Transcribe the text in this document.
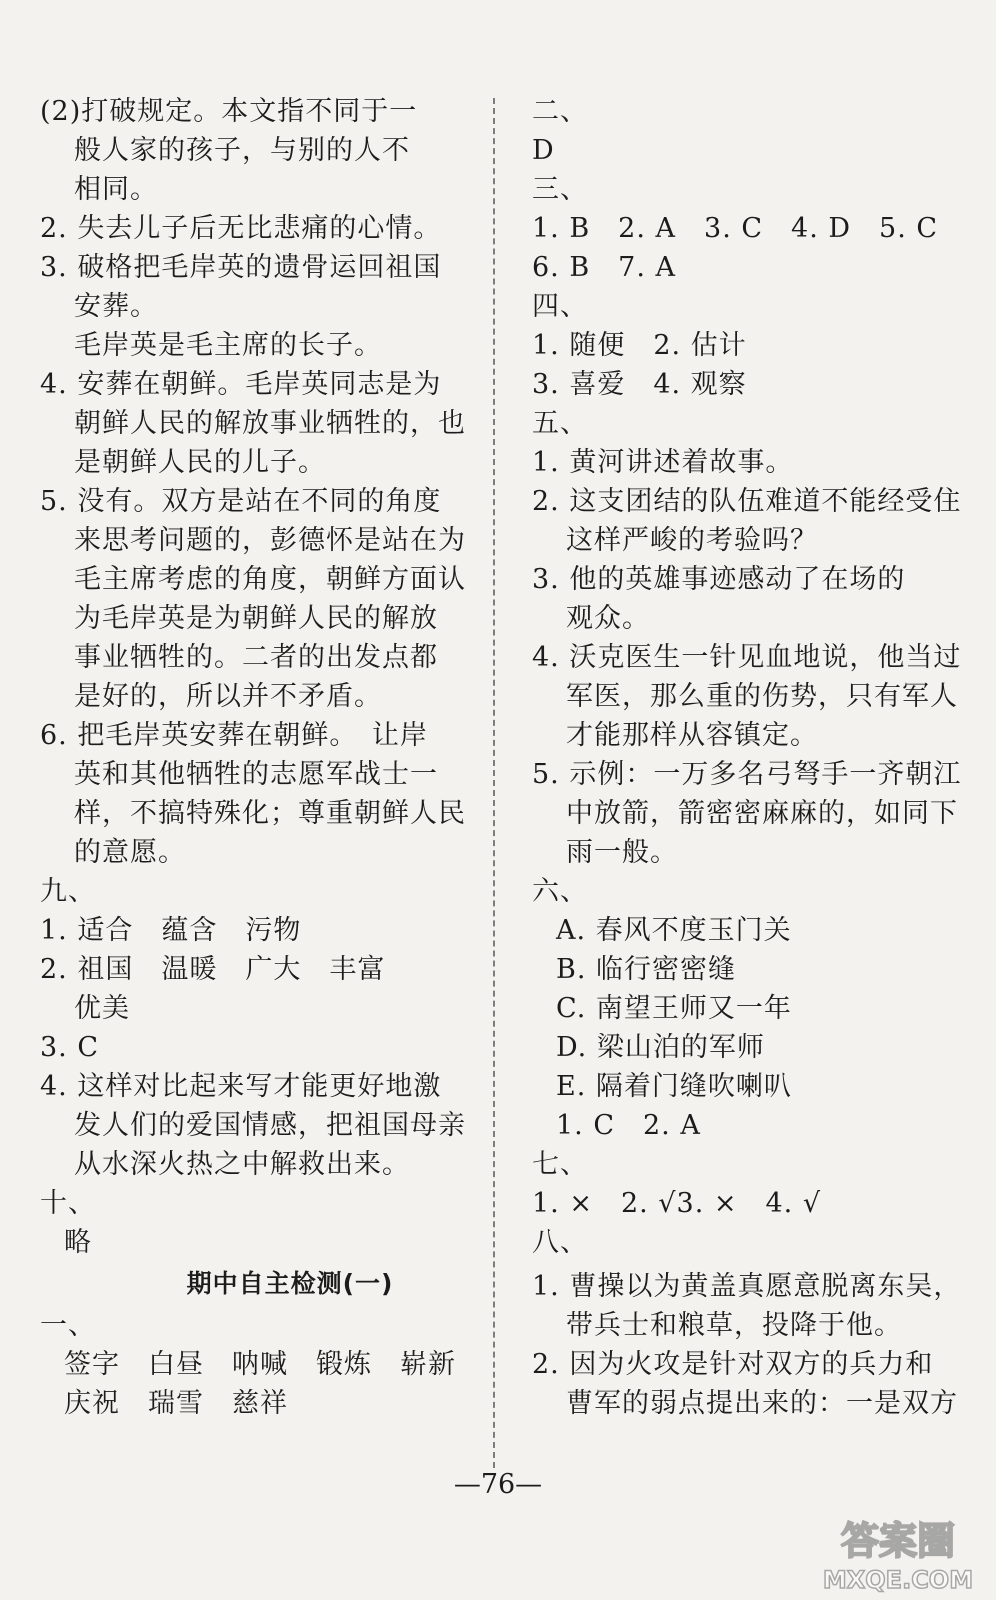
(2)打破规定。本文指不同于一
般人家的孩子，与别的人不
相同。
2. 失去儿子后无比悲痛的心情。
3. 破格把毛岸英的遗骨运回祖国
安葬。
毛岸英是毛主席的长子。
4. 安葬在朝鲜。毛岸英同志是为
朝鲜人民的解放事业牺牲的，也
是朝鲜人民的儿子。
5. 没有。双方是站在不同的角度
来思考问题的，彭德怀是站在为
毛主席考虑的角度，朝鲜方面认
为毛岸英是为朝鲜人民的解放
事业牺牲的。二者的出发点都
是好的，所以并不矛盾。
6. 把毛岸英安葬在朝鲜。　让岸
英和其他牺牲的志愿军战士一
样，不搞特殊化；尊重朝鲜人民
的意愿。
九、
1. 适合　蕴含　污物
2. 祖国　温暖　广大　丰富
优美
3. C
4. 这样对比起来写才能更好地激
发人们的爱国情感，把祖国母亲
从水深火热之中解救出来。
十、
略
期中自主检测(一)
一、
签字　白昼　呐喊　锻炼　崭新
庆祝　瑞雪　慈祥
二、
D
三、
1. B　2. A　3. C　4. D　5. C
6. B　7. A
四、
1. 随便　2. 估计
3. 喜爱　4. 观察
五、
1. 黄河讲述着故事。
2. 这支团结的队伍难道不能经受住
这样严峻的考验吗？
3. 他的英雄事迹感动了在场的
观众。
4. 沃克医生一针见血地说，他当过
军医，那么重的伤势，只有军人
才能那样从容镇定。
5. 示例：一万多名弓弩手一齐朝江
中放箭，箭密密麻麻的，如同下
雨一般。
六、
A. 春风不度玉门关
B. 临行密密缝
C. 南望王师又一年
D. 梁山泊的军师
E. 隔着门缝吹喇叭
1. C　2. A
七、
1. ×　2. √3. ×　4. √
八、
1. 曹操以为黄盖真愿意脱离东吴，
带兵士和粮草，投降于他。
2. 因为火攻是针对双方的兵力和
曹军的弱点提出来的：一是双方
—76—
答案圈
MXQE.COM
